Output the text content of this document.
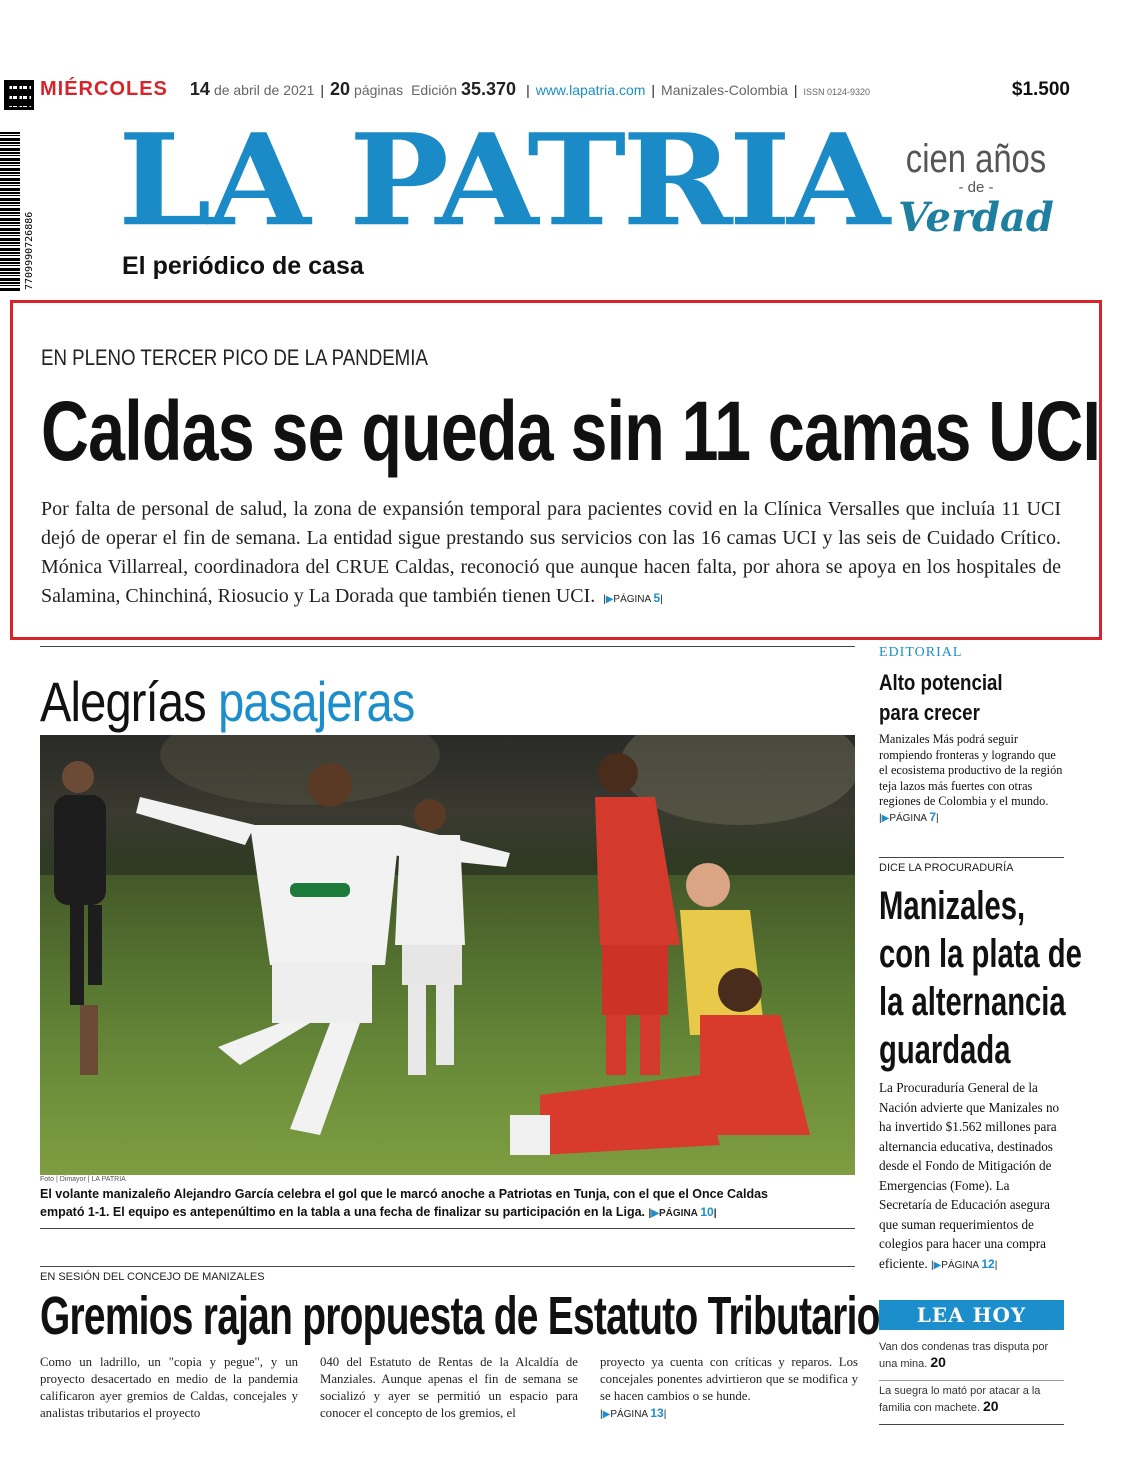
MIÉRCOLES 14 de abril de 2021 | 20 páginas Edición 35.370 | www.lapatria.com | Manizales-Colombia | ISSN 0124-9320	$1.500
7709990726886 LA PATRIA
El periódico de casa
cien años
- de -
Verdad
EN PLENO TERCER PICO DE LA PANDEMIA
Caldas se queda sin 11 camas UCI
Por falta de personal de salud, la zona de expansión temporal para pacientes covid en la Clínica Versalles que incluía 11 UCI dejó de operar el fin de semana. La entidad sigue prestando sus servicios con las 16 camas UCI y las seis de Cuidado Crítico. Mónica Villarreal, coordinadora del CRUE Caldas, reconoció que aunque hacen falta, por ahora se apoya en los hospitales de Salamina, Chinchiná, Riosucio y La Dorada que también tienen UCI.  |▶PÁGINA 5|
Alegrías pasajeras
Foto | Dimayor | LA PATRIA
El volante manizaleño Alejandro García celebra el gol que le marcó anoche a Patriotas en Tunja, con el que el Once Caldas empató 1-1. El equipo es antepenúltimo en la tabla a una fecha de finalizar su participación en la Liga. |▶PÁGINA 10|
EDITORIAL
Alto potencial
para crecer
Manizales Más podrá seguir rompiendo fronteras y logrando que el ecosistema productivo de la región teja lazos más fuertes con otras regiones de Colombia y el mundo. |▶PÁGINA 7|
DICE LA PROCURADURÍA
Manizales,
con la plata de
la alternancia
guardada
La Procuraduría General de la Nación advierte que Manizales no ha invertido $1.562 millones para alternancia educativa, destinados desde el Fondo de Mitigación de Emergencias (Fome). La Secretaría de Educación asegura que suman requerimientos de colegios para hacer una compra eficiente. |▶PÁGINA 12|
LEA HOY
Van dos condenas tras disputa por una mina. 20
La suegra lo mató por atacar a la familia con machete. 20
EN SESIÓN DEL CONCEJO DE MANIZALES
Gremios rajan propuesta de Estatuto Tributario
Como un ladrillo, un "copia y pegue", y un proyecto desacertado en medio de la pandemia calificaron ayer gremios de Caldas, concejales y analistas tributarios el proyecto
040 del Estatuto de Rentas de la Alcaldía de Manziales. Aunque apenas el fin de semana se socializó y ayer se permitió un espacio para conocer el concepto de los gremios, el
proyecto ya cuenta con críticas y reparos. Los concejales ponentes advirtieron que se modifica y se hacen cambios o se hunde.
|▶PÁGINA 13|
